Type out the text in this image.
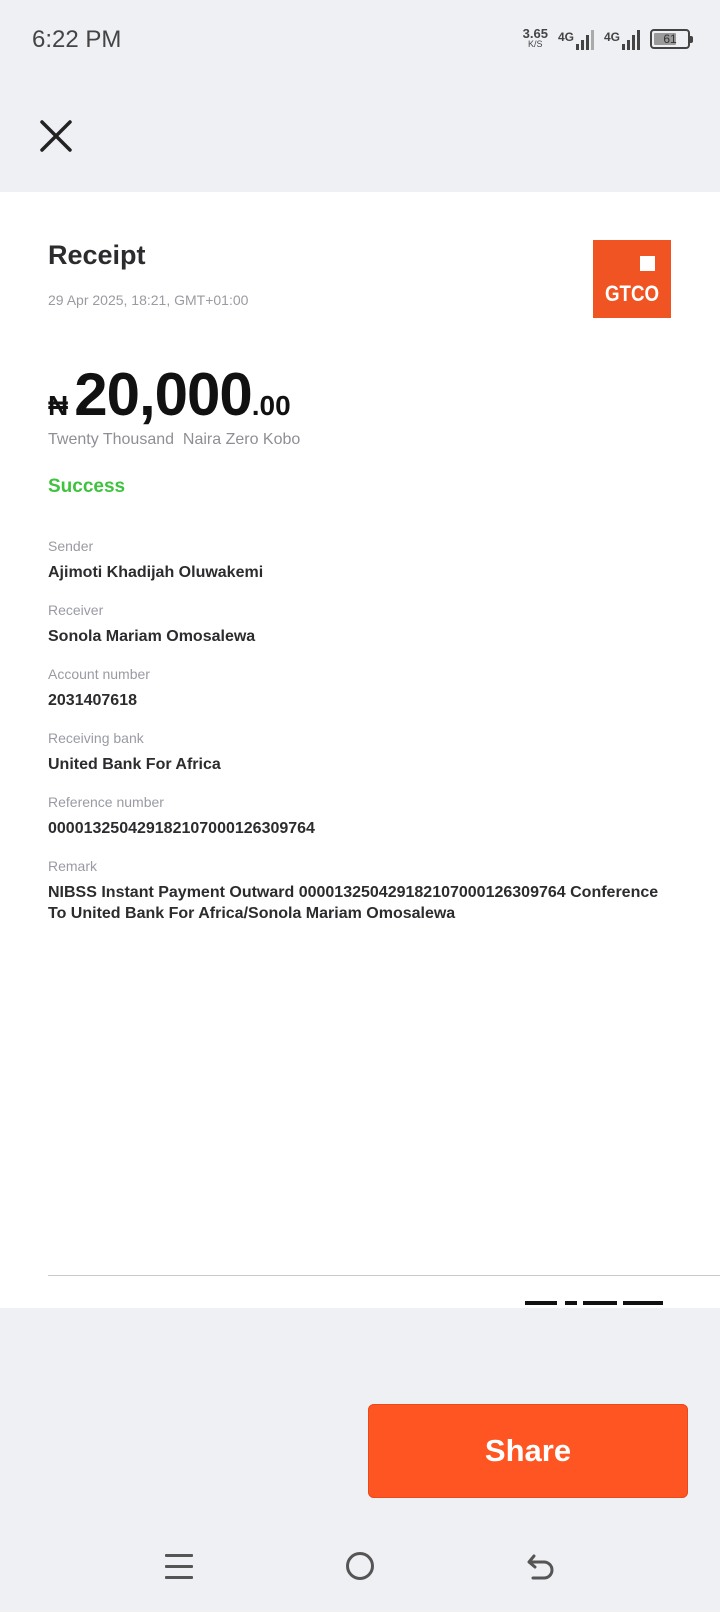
6:22 PM	3.65
K/S 4G	4G	61
Receipt
29 Apr 2025, 18:21, GMT+01:00	GTCO
₦ 20,000 .00
Twenty Thousand  Naira Zero Kobo
Success
Sender
Ajimoti Khadijah Oluwakemi
Receiver
Sonola Mariam Omosalewa
Account number
2031407618
Receiving bank
United Bank For Africa
Reference number
000013250429182107000126309764
Remark
NIBSS Instant Payment Outward 000013250429182107000126309764 Conference To United Bank For Africa/Sonola Mariam Omosalewa
Share
